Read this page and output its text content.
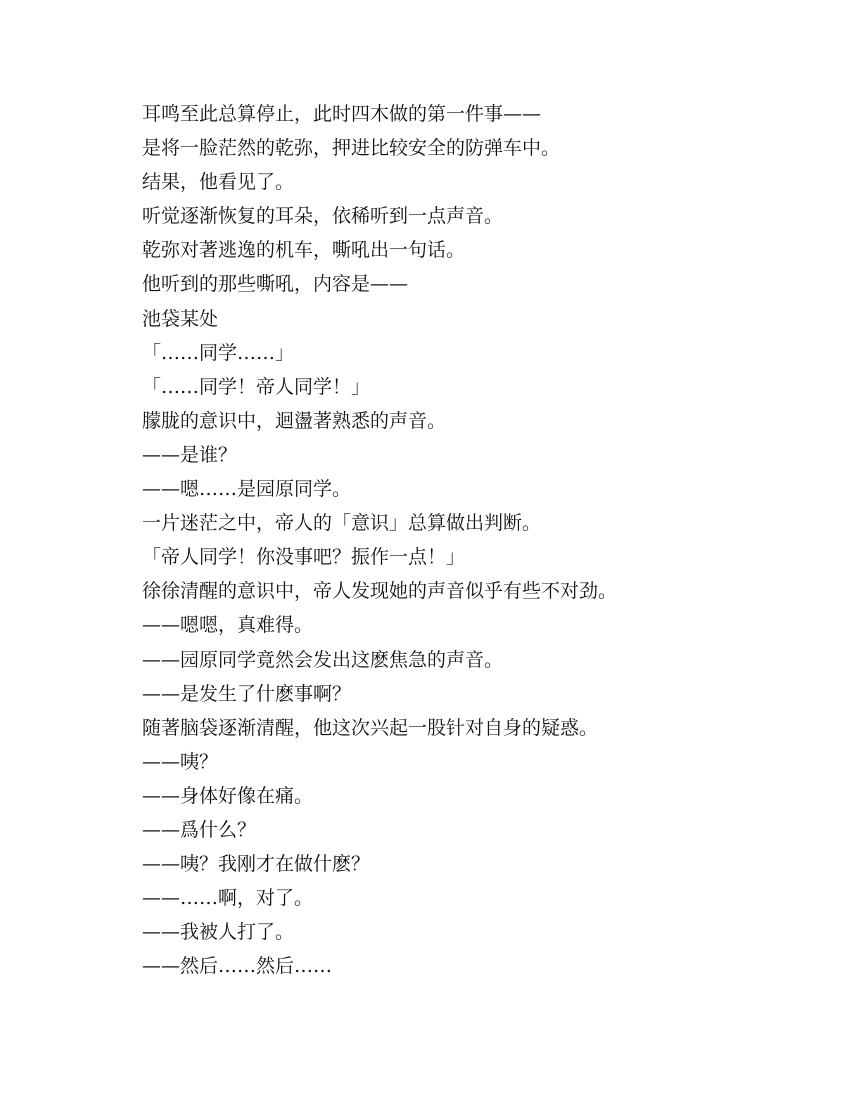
耳鸣至此总算停止，此时四木做的第一件事——
是将一脸茫然的乾弥，押进比较安全的防弹车中。
结果，他看见了。
听觉逐渐恢复的耳朵，依稀听到一点声音。
乾弥对著逃逸的机车，嘶吼出一句话。
他听到的那些嘶吼，内容是——
池袋某处
「……同学……」
「……同学！帝人同学！」
朦胧的意识中，迴盪著熟悉的声音。
——是谁？
——嗯……是园原同学。
一片迷茫之中，帝人的「意识」总算做出判断。
「帝人同学！你没事吧？振作一点！」
徐徐清醒的意识中，帝人发现她的声音似乎有些不对劲。
——嗯嗯，真难得。
——园原同学竟然会发出这麽焦急的声音。
——是发生了什麽事啊？
随著脑袋逐渐清醒，他这次兴起一股针对自身的疑惑。
——咦？
——身体好像在痛。
——爲什么？
——咦？我刚才在做什麽？
——……啊，对了。
——我被人打了。
——然后……然后……
